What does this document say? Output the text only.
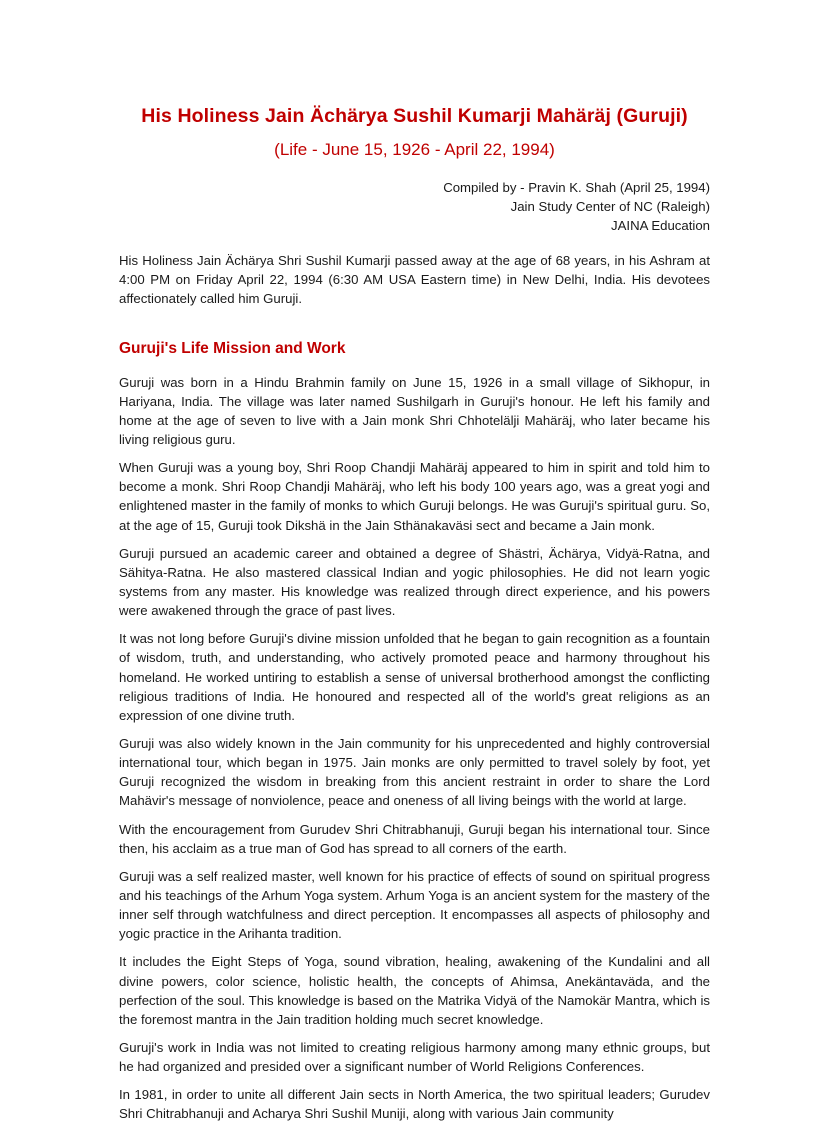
His Holiness Jain Ächärya Sushil Kumarji Mahäräj (Guruji)
(Life - June 15, 1926 - April 22, 1994)
Compiled by - Pravin K. Shah (April 25, 1994)
Jain Study Center of NC (Raleigh)
JAINA Education

His Holiness Jain Ächärya Shri Sushil Kumarji passed away at the age of 68 years, in his Ashram at 4:00 PM on Friday April 22, 1994 (6:30 AM USA Eastern time) in New Delhi, India. His devotees affectionately called him Guruji.

Guruji's Life Mission and Work

Guruji was born in a Hindu Brahmin family on June 15, 1926 in a small village of Sikhopur, in Hariyana, India. The village was later named Sushilgarh in Guruji's honour. He left his family and home at the age of seven to live with a Jain monk Shri Chhotelälji Mahäräj, who later became his living religious guru.

When Guruji was a young boy, Shri Roop Chandji Mahäräj appeared to him in spirit and told him to become a monk. Shri Roop Chandji Mahäräj, who left his body 100 years ago, was a great yogi and enlightened master in the family of monks to which Guruji belongs. He was Guruji's spiritual guru. So, at the age of 15, Guruji took Dikshä in the Jain Sthänakaväsi sect and became a Jain monk.

Guruji pursued an academic career and obtained a degree of Shästri, Ächärya, Vidyä-Ratna, and Sähitya-Ratna. He also mastered classical Indian and yogic philosophies. He did not learn yogic systems from any master. His knowledge was realized through direct experience, and his powers were awakened through the grace of past lives.

It was not long before Guruji's divine mission unfolded that he began to gain recognition as a fountain of wisdom, truth, and understanding, who actively promoted peace and harmony throughout his homeland. He worked untiring to establish a sense of universal brotherhood amongst the conflicting religious traditions of India. He honoured and respected all of the world's great religions as an expression of one divine truth.

Guruji was also widely known in the Jain community for his unprecedented and highly controversial international tour, which began in 1975. Jain monks are only permitted to travel solely by foot, yet Guruji recognized the wisdom in breaking from this ancient restraint in order to share the Lord Mahävir's message of nonviolence, peace and oneness of all living beings with the world at large.

With the encouragement from Gurudev Shri Chitrabhanuji, Guruji began his international tour. Since then, his acclaim as a true man of God has spread to all corners of the earth.

Guruji was a self realized master, well known for his practice of effects of sound on spiritual progress and his teachings of the Arhum Yoga system. Arhum Yoga is an ancient system for the mastery of the inner self through watchfulness and direct perception. It encompasses all aspects of philosophy and yogic practice in the Arihanta tradition.

It includes the Eight Steps of Yoga, sound vibration, healing, awakening of the Kundalini and all divine powers, color science, holistic health, the concepts of Ahimsa, Anekäntaväda, and the perfection of the soul. This knowledge is based on the Matrika Vidyä of the Namokär Mantra, which is the foremost mantra in the Jain tradition holding much secret knowledge.

Guruji's work in India was not limited to creating religious harmony among many ethnic groups, but he had organized and presided over a significant number of World Religions Conferences.

In 1981, in order to unite all different Jain sects in North America, the two spiritual leaders; Gurudev Shri Chitrabhanuji and Acharya Shri Sushil Muniji, along with various Jain community
